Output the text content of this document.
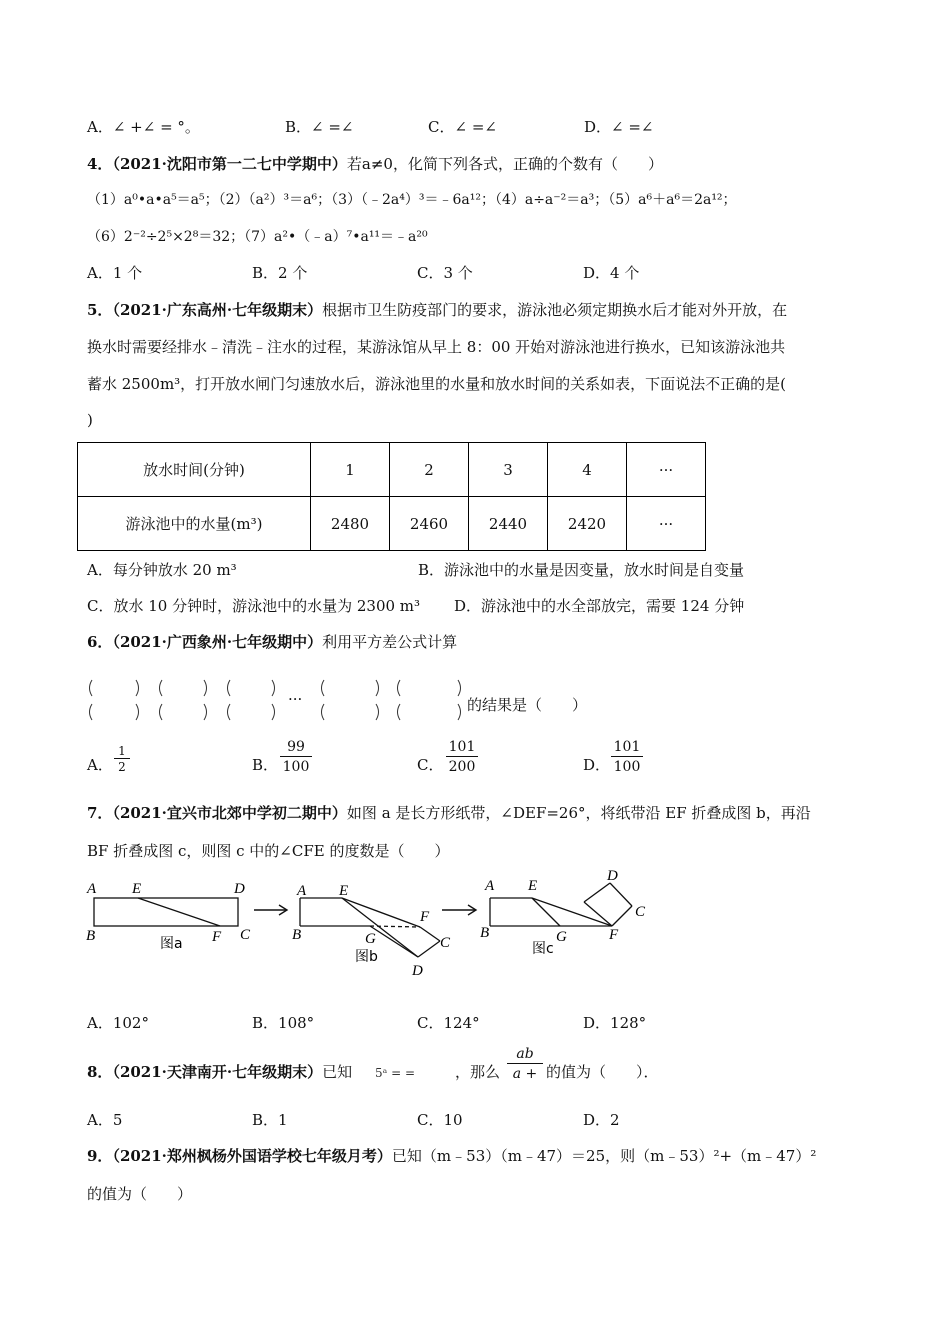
A．∠ +∠ = °。	B．∠ =∠	C．∠ =∠	D．∠ =∠
4．（2021·沈阳市第一二七中学期中）若a≠0，化简下列各式，正确的个数有（　　）
（1）a⁰•a•a⁵＝a⁵；（2）（a²）³＝a⁶；（3）（﹣2a⁴）³＝﹣6a¹²；（4）a÷a⁻²＝a³；（5）a⁶＋a⁶＝2a¹²；
（6）2⁻²÷2⁵×2⁸＝32；（7）a²•（﹣a）⁷•a¹¹＝﹣a²⁰
A．1 个	B．2 个	C．3 个	D．4 个
5．（2021·广东高州·七年级期末）根据市卫生防疫部门的要求，游泳池必须定期换水后才能对外开放，在
换水时需要经排水﹣清洗﹣注水的过程，某游泳馆从早上 8：00 开始对游泳池进行换水，已知该游泳池共
蓄水 2500m³，打开放水闸门匀速放水后，游泳池里的水量和放水时间的关系如表，下面说法不正确的是(
)
放水时间(分钟)	1	2	3	4	···
游泳池中的水量(m³)	2480	2460	2440	2420	···
A．每分钟放水 20 m³	B．游泳池中的水量是因变量，放水时间是自变量
C．放水 10 分钟时，游泳池中的水量为 2300 m³ D．游泳池中的水全部放完，需要 124 分钟
6．（2021·广西象州·七年级期中）利用平方差公式计算
···	的结果是（　　）
A． $\frac{1}{2}$	B． $\frac{99}{100}$	C． $\frac{101}{200}$	D． $\frac{101}{100}$
7．（2021·宜兴市北郊中学初二期中）如图 a 是长方形纸带，∠DEF=26°，将纸带沿 EF 折叠成图 b，再沿
BF 折叠成图 c，则图 c 中的∠CFE 的度数是（　　）
A E	D
B	F C
图a
A E
B	G
F
C
D
图b
A E
B	G	F
D
C
图c
A．102°	B．108°	C．124°	D．128°
8．（2021·天津南开·七年级期末）已知 5ᵃ = =	，那么 $\frac{ab}{a +}$ 的值为（　　）．
A．5	B．1	C．10	D．2
9．（2021·郑州枫杨外国语学校七年级月考）已知（m﹣53）（m﹣47）＝25，则（m﹣53）²+（m﹣47）²
的值为（　　）
